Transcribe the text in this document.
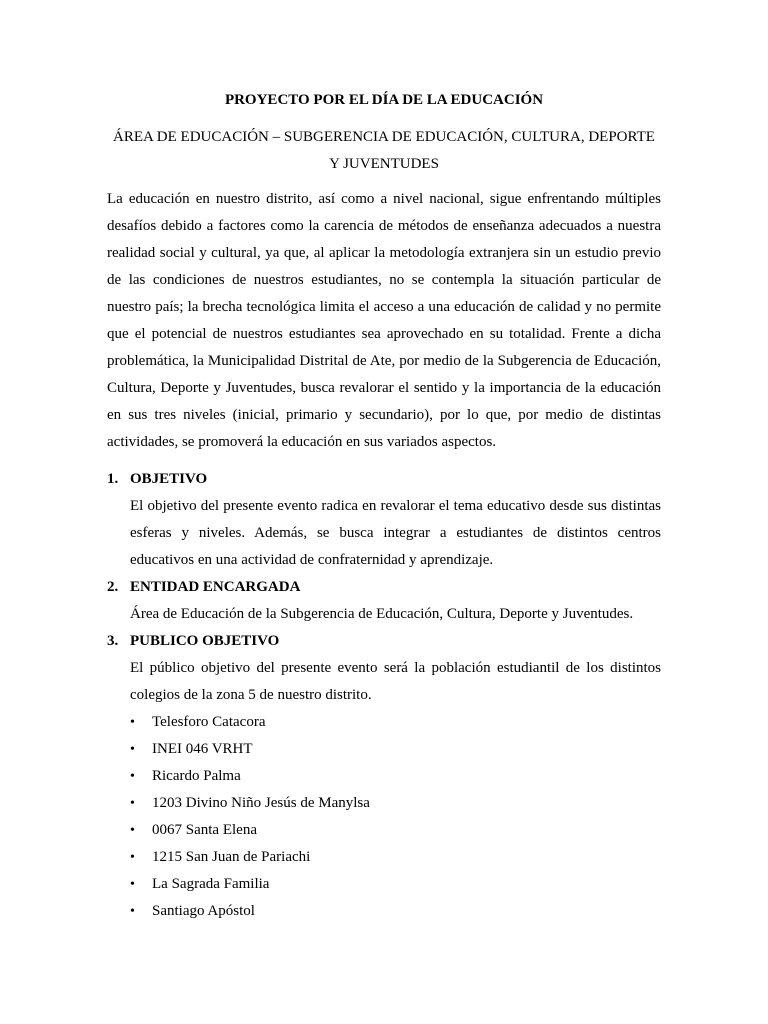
PROYECTO POR EL DÍA DE LA EDUCACIÓN
ÁREA DE EDUCACIÓN – SUBGERENCIA DE EDUCACIÓN, CULTURA, DEPORTE Y JUVENTUDES
La educación en nuestro distrito, así como a nivel nacional, sigue enfrentando múltiples desafíos debido a factores como la carencia de métodos de enseñanza adecuados a nuestra realidad social y cultural, ya que, al aplicar la metodología extranjera sin un estudio previo de las condiciones de nuestros estudiantes, no se contempla la situación particular de nuestro país; la brecha tecnológica limita el acceso a una educación de calidad y no permite que el potencial de nuestros estudiantes sea aprovechado en su totalidad. Frente a dicha problemática, la Municipalidad Distrital de Ate, por medio de la Subgerencia de Educación, Cultura, Deporte y Juventudes, busca revalorar el sentido y la importancia de la educación en sus tres niveles (inicial, primario y secundario), por lo que, por medio de distintas actividades, se promoverá la educación en sus variados aspectos.
1. OBJETIVO
El objetivo del presente evento radica en revalorar el tema educativo desde sus distintas esferas y niveles. Además, se busca integrar a estudiantes de distintos centros educativos en una actividad de confraternidad y aprendizaje.
2. ENTIDAD ENCARGADA
Área de Educación de la Subgerencia de Educación, Cultura, Deporte y Juventudes.
3. PUBLICO OBJETIVO
El público objetivo del presente evento será la población estudiantil de los distintos colegios de la zona 5 de nuestro distrito.
•	Telesforo Catacora
•	INEI 046 VRHT
•	Ricardo Palma
•	1203 Divino Niño Jesús de Manylsa
•	0067 Santa Elena
•	1215 San Juan de Pariachi
•	La Sagrada Familia
•	Santiago Apóstol
